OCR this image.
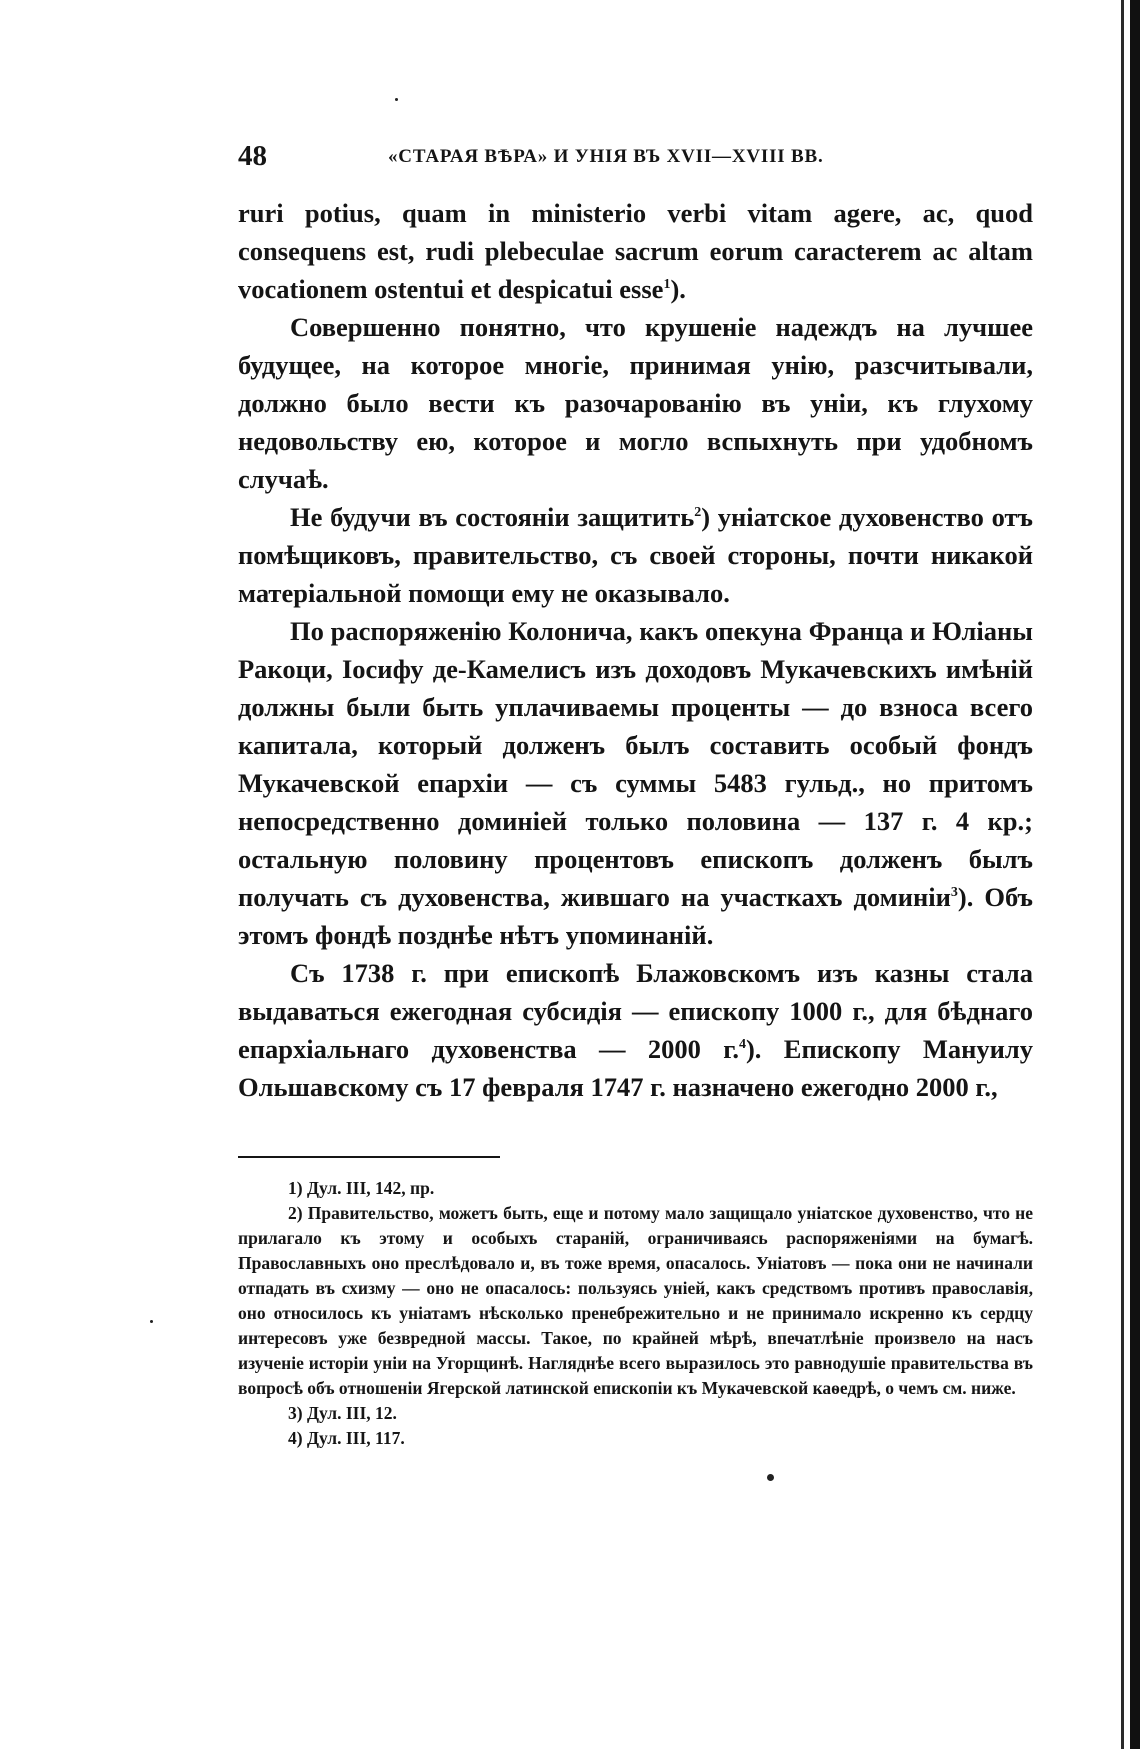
48	«СТАРАЯ ВѢРА» И УНІЯ ВЪ XVII—XVIII ВВ.

ruri potius, quam in ministerio verbi vitam agere, ac, quod consequens est, rudi plebeculae sacrum eorum caracterem ac altam vocationem ostentui et despicatui esse$^1$).

Совершенно понятно, что крушеніе надеждъ на лучшее будущее, на которое многіе, принимая унію, разсчитывали, должно было вести къ разочарованію въ уніи, къ глухому недовольству ею, которое и могло вспыхнуть при удобномъ случаѣ.

Не будучи въ состояніи защитить$^2$) уніатское духовенство отъ помѣщиковъ, правительство, съ своей стороны, почти никакой матеріальной помощи ему не оказывало.

По распоряженію Колонича, какъ опекуна Франца и Юліаны Ракоци, Іосифу де-Камелисъ изъ доходовъ Мукачевскихъ имѣній должны были быть уплачиваемы проценты — до взноса всего капитала, который долженъ былъ составить особый фондъ Мукачевской епархіи — съ суммы 5483 гульд., но притомъ непосредственно доминіей только половина — 137 г. 4 кр.; остальную половину процентовъ епископъ долженъ былъ получать съ духовенства, жившаго на участкахъ доминіи$^3$). Объ этомъ фондѣ позднѣе нѣтъ упоминаній.

Съ 1738 г. при епископѣ Блажовскомъ изъ казны стала выдаваться ежегодная субсидія — епископу 1000 г., для бѣднаго епархіальнаго духовенства — 2000 г.$^4$). Епископу Мануилу Ольшавскому съ 17 февраля 1747 г. назначено ежегодно 2000 г.,

1) Дул. III, 142, пр.

2) Правительство, можетъ быть, еще и потому мало защищало уніатское духовенство, что не прилагало къ этому и особыхъ стараній, ограничиваясь распоряженіями на бумагѣ. Православныхъ оно преслѣдовало и, въ тоже время, опасалось. Уніатовъ — пока они не начинали отпадать въ схизму — оно не опасалось: пользуясь уніей, какъ средствомъ противъ православія, оно относилось къ уніатамъ нѣсколько пренебрежительно и не принимало искренно къ сердцу интересовъ уже безвредной массы. Такое, по крайней мѣрѣ, впечатлѣніе произвело на насъ изученіе исторіи уніи на Угорщинѣ. Нагляднѣе всего выразилось это равнодушіе правительства въ вопросѣ объ отношеніи Ягерской латинской епископіи къ Мукачевской каѳедрѣ, о чемъ см. ниже.

3) Дул. III, 12.

4) Дул. III, 117.
